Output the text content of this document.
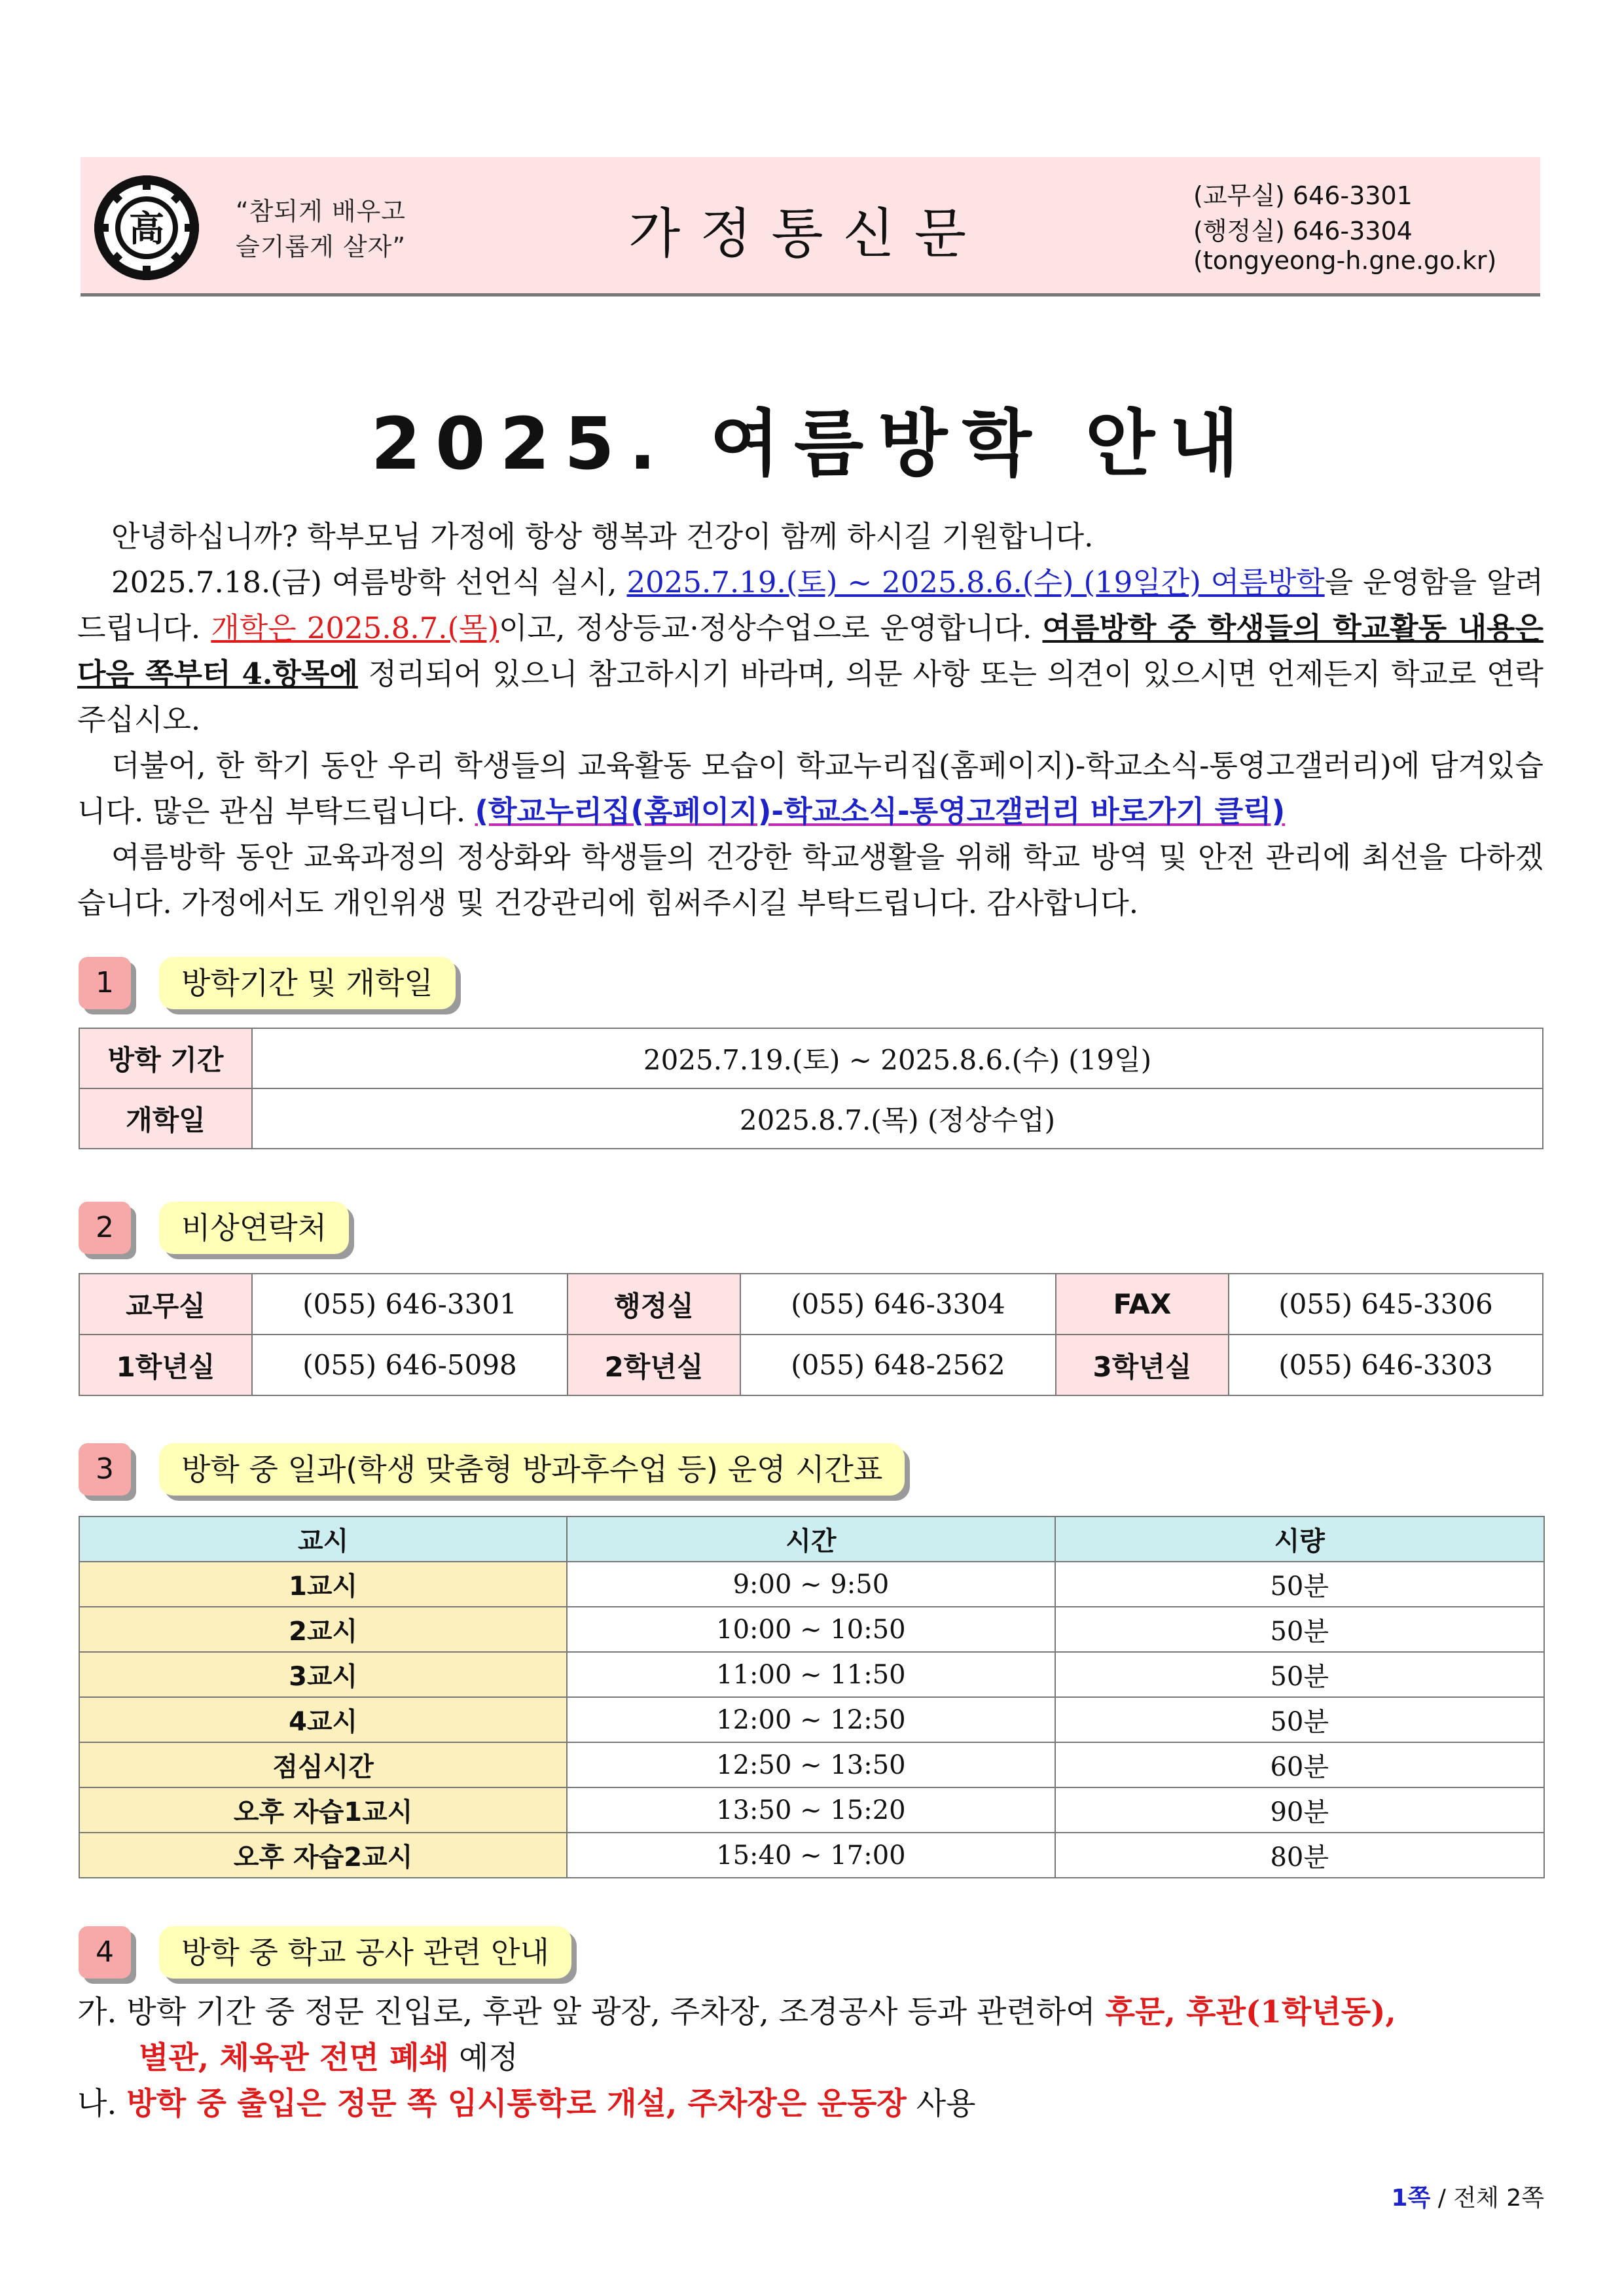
高	“참되게 배우고
슬기롭게 살자”	가정통신문
(교무실) 646-3301
(행정실) 646-3304
(tongyeong-h.gne.go.kr)
2025. 여름방학 안내

안녕하십니까? 학부모님 가정에 항상 행복과 건강이 함께 하시길 기원합니다.

2025.7.18.(금) 여름방학 선언식 실시, 2025.7.19.(토) ~ 2025.8.6.(수) (19일간) 여름방학을 운영함을 알려드립니다. 개학은 2025.8.7.(목)이고, 정상등교·정상수업으로 운영합니다. 여름방학 중 학생들의 학교활동 내용은 다음 쪽부터 4.항목에 정리되어 있으니 참고하시기 바라며, 의문 사항 또는 의견이 있으시면 언제든지 학교로 연락주십시오.

더불어, 한 학기 동안 우리 학생들의 교육활동 모습이 학교누리집(홈페이지)-학교소식-통영고갤러리)에 담겨있습니다. 많은 관심 부탁드립니다. (학교누리집(홈페이지)-학교소식-통영고갤러리 바로가기 클릭)

여름방학 동안 교육과정의 정상화와 학생들의 건강한 학교생활을 위해 학교 방역 및 안전 관리에 최선을 다하겠습니다. 가정에서도 개인위생 및 건강관리에 힘써주시길 부탁드립니다. 감사합니다.

1	방학기간 및 개학일
방학 기간	2025.7.19.(토) ~ 2025.8.6.(수) (19일)
개학일	2025.8.7.(목) (정상수업)
2	비상연락처
교무실	(055) 646-3301	행정실	(055) 646-3304	FAX	(055) 645-3306
1학년실	(055) 646-5098	2학년실	(055) 648-2562	3학년실	(055) 646-3303
3	방학 중 일과(학생 맞춤형 방과후수업 등) 운영 시간표
교시	시간	시량
1교시	9:00 ~ 9:50	50분
2교시	10:00 ~ 10:50	50분
3교시	11:00 ~ 11:50	50분
4교시	12:00 ~ 12:50	50분
점심시간	12:50 ~ 13:50	60분
오후 자습1교시	13:50 ~ 15:20	90분
오후 자습2교시	15:40 ~ 17:00	80분
4	방학 중 학교 공사 관련 안내
가. 방학 기간 중 정문 진입로, 후관 앞 광장, 주차장, 조경공사 등과 관련하여 후문, 후관(1학년동),
별관, 체육관 전면 폐쇄 예정
나. 방학 중 출입은 정문 쪽 임시통학로 개설, 주차장은 운동장 사용
1쪽 / 전체 2쪽
